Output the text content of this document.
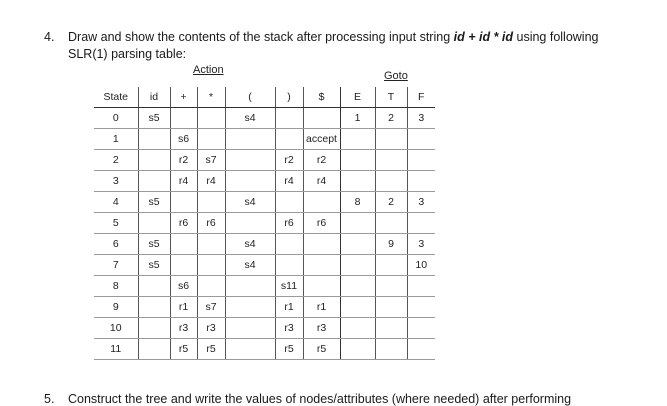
4. Draw and show the contents of the stack after processing input string id + id * id using following
SLR(1) parsing table:
Action	Goto
State	id	+	*	(	)	$	E	T	F
0	s5			s4			1	2	3
1		s6				accept			
2		r2	s7		r2	r2			
3		r4	r4		r4	r4			
4	s5			s4			8	2	3
5		r6	r6		r6	r6			
6	s5			s4				9	3
7	s5			s4					10
8		s6			s11				
9		r1	s7		r1	r1			
10		r3	r3		r3	r3			
11		r5	r5		r5	r5			
5. Construct the tree and write the values of nodes/attributes (where needed) after performing
